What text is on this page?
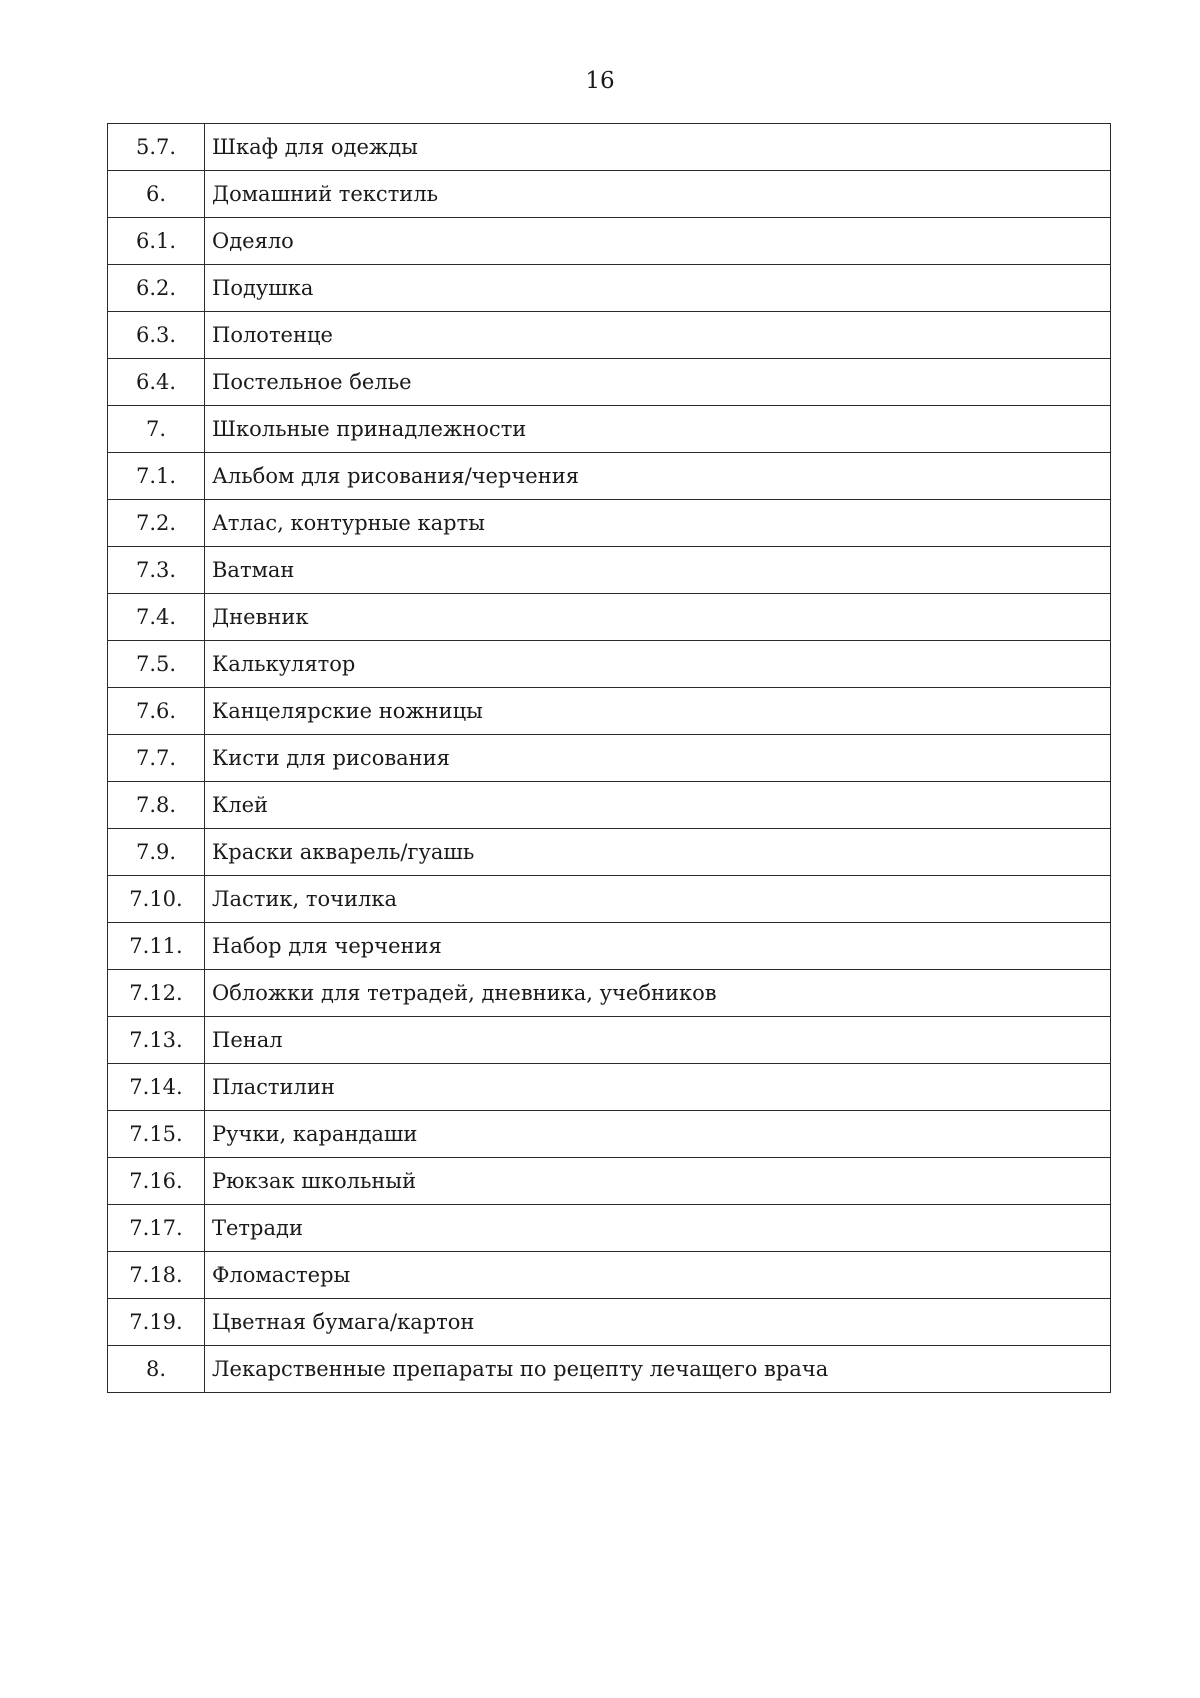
16
5.7.	Шкаф для одежды
6.	Домашний текстиль
6.1.	Одеяло
6.2.	Подушка
6.3.	Полотенце
6.4.	Постельное белье
7.	Школьные принадлежности
7.1.	Альбом для рисования/черчения
7.2.	Атлас, контурные карты
7.3.	Ватман
7.4.	Дневник
7.5.	Калькулятор
7.6.	Канцелярские ножницы
7.7.	Кисти для рисования
7.8.	Клей
7.9.	Краски акварель/гуашь
7.10.	Ластик, точилка
7.11.	Набор для черчения
7.12.	Обложки для тетрадей, дневника, учебников
7.13.	Пенал
7.14.	Пластилин
7.15.	Ручки, карандаши
7.16.	Рюкзак школьный
7.17.	Тетради
7.18.	Фломастеры
7.19.	Цветная бумага/картон
8.	Лекарственные препараты по рецепту лечащего врача
